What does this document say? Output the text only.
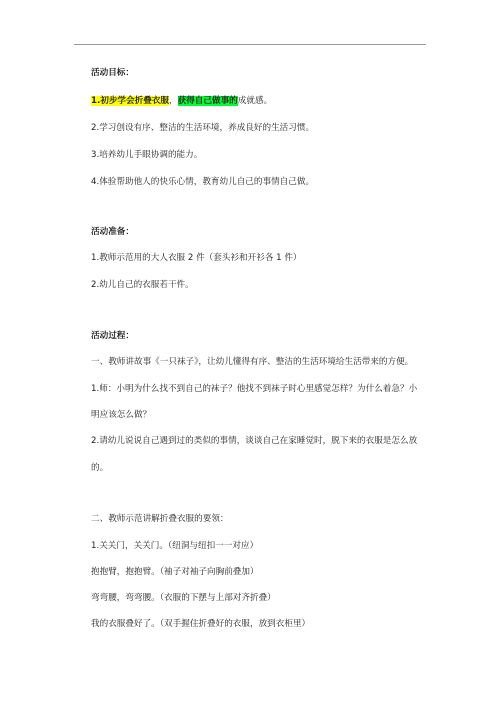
活动目标：
1.初步学会折叠衣服，获得自己做事的成就感。
2.学习创设有序、整洁的生活环境，养成良好的生活习惯。
3.培养幼儿手眼协调的能力。
4.体验帮助他人的快乐心情，教育幼儿自己的事情自己做。
活动准备：
1.教师示范用的大人衣服 2 件（套头衫和开衫各 1 件）
2.幼儿自己的衣服若干件。
活动过程：
一、教师讲故事《一只袜子》，让幼儿懂得有序、整洁的生活环境给生活带来的方便。
1.师：小明为什么找不到自己的袜子？他找不到袜子时心里感觉怎样？为什么着急？小
明应该怎么做？
2.请幼儿说说自己遇到过的类似的事情，谈谈自己在家睡觉时，脱下来的衣服是怎么放
的。
二、教师示范讲解折叠衣服的要领：
1.关关门，关关门。（纽洞与纽扣一一对应）
抱抱臂，抱抱臂。（袖子对袖子向胸前叠加）
弯弯腰，弯弯腰。（衣服的下摆与上部对齐折叠）
我的衣服叠好了。（双手握住折叠好的衣服，放到衣柜里）
